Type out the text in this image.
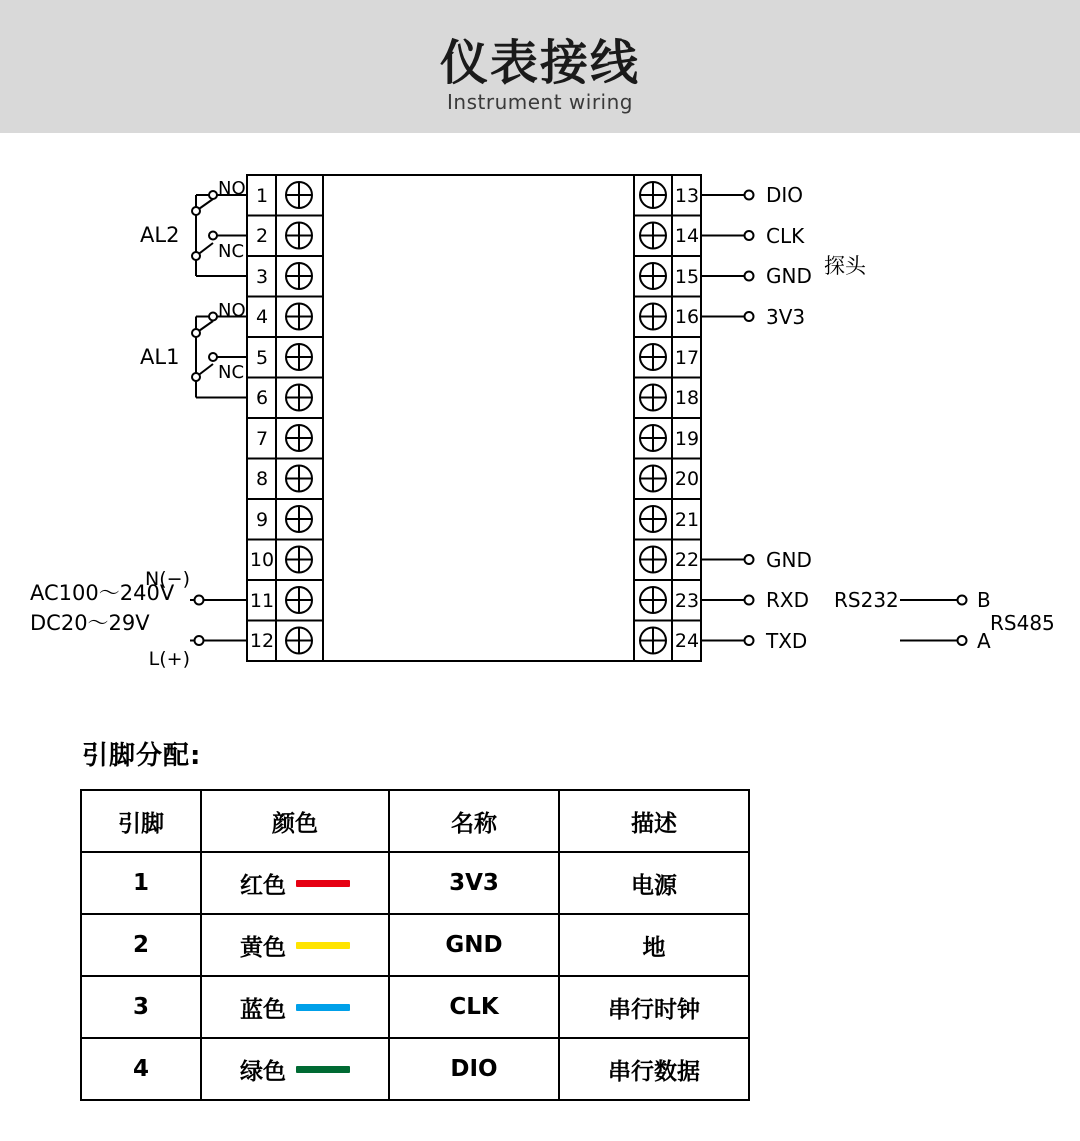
仪表接线
Instrument wiring
1
2
3
4
5
6
7
8
9
10
11
12
13
14
15
16
17
18
19
20
21
22
23
24
NO
NC
AL2
NO
NC
AL1
N(−)
L(+)
AC100～240V
DC20～29V
DIO
CLK
GND
3V3
探头
GND
RXD
TXD
RS232	B
A
RS485
引脚分配:
引脚	颜色	名称	描述
1	红色	3V3	电源
2	黄色	GND	地
3	蓝色	CLK	串行时钟
4	绿色	DIO	串行数据
